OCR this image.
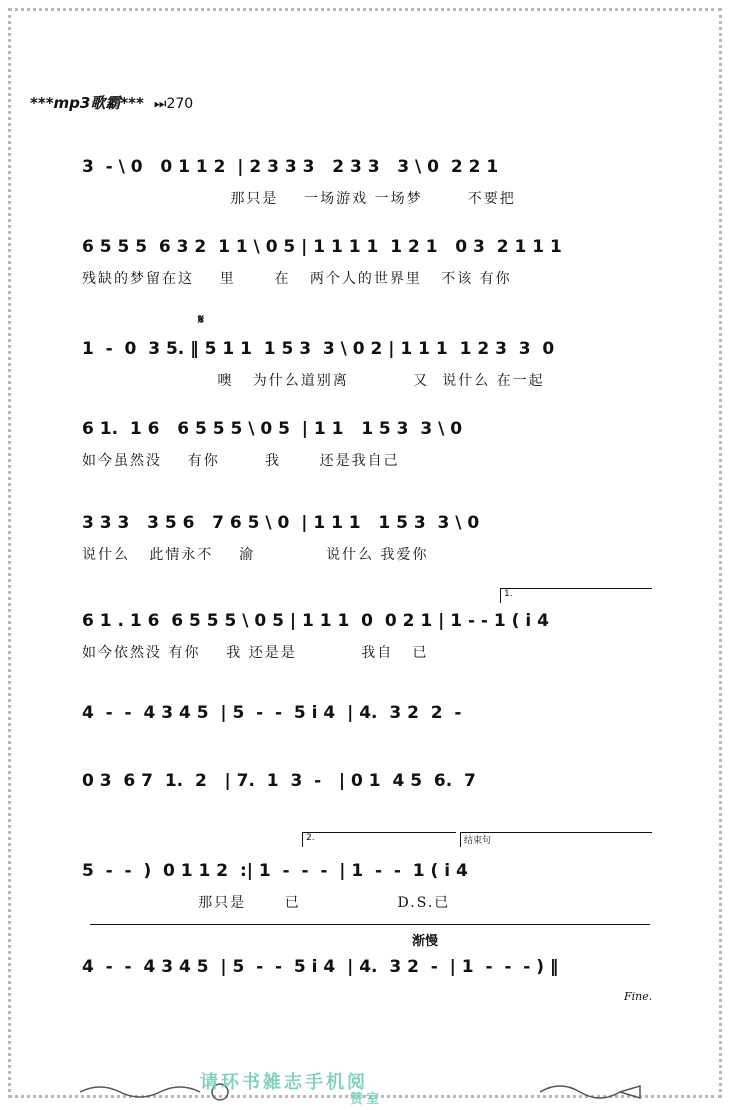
***mp3歌霸*** ⏭270
3  - \ 0   0 1 1 2  | 2 3 3 3   2 3 3   3 \ 0  2 2 1
那只是    一场游戏 一场梦       不要把
6 5 5 5  6 3 2  1 1 \ 0 5 | 1 1 1 1  1 2 1   0 3  2 1 1 1
残缺的梦留在这    里      在   两个人的世界里   不该 有你
𝄋
1  -  0  3 5. ‖ 5 1 1  1 5 3  3 \ 0 2 | 1 1 1  1 2 3  3  0
噢   为什么道别离          又  说什么 在一起
6 1.  1 6   6 5 5 5 \ 0 5  | 1 1   1 5 3  3 \ 0
如今虽然没    有你       我      还是我自己
3 3 3   3 5 6   7 6 5 \ 0  | 1 1 1   1 5 3  3 \ 0
说什么   此情永不    渝           说什么 我爱你
1.
6 1 . 1 6  6 5 5 5 \ 0 5 | 1 1 1  0  0 2 1 | 1 - - 1 ( i 4
如今依然没 有你    我 还是是          我自   已
4  -  -  4 3 4 5  | 5  -  -  5 i 4  | 4.  3 2  2  -
0 3  6 7  1.  2   | 7.  1  3  -   | 0 1  4 5  6.  7
2.	结束句
5  -  -  )  0 1 1 2  :| 1  -  -  -  | 1  -  -  1 ( i 4
那只是      已               D.S.已
渐慢
4  -  -  4 3 4 5  | 5  -  -  5 i 4  | 4.  3 2  -  | 1  -  -  - ) ‖
Fine.
请环书雑志手机阅
赞室
